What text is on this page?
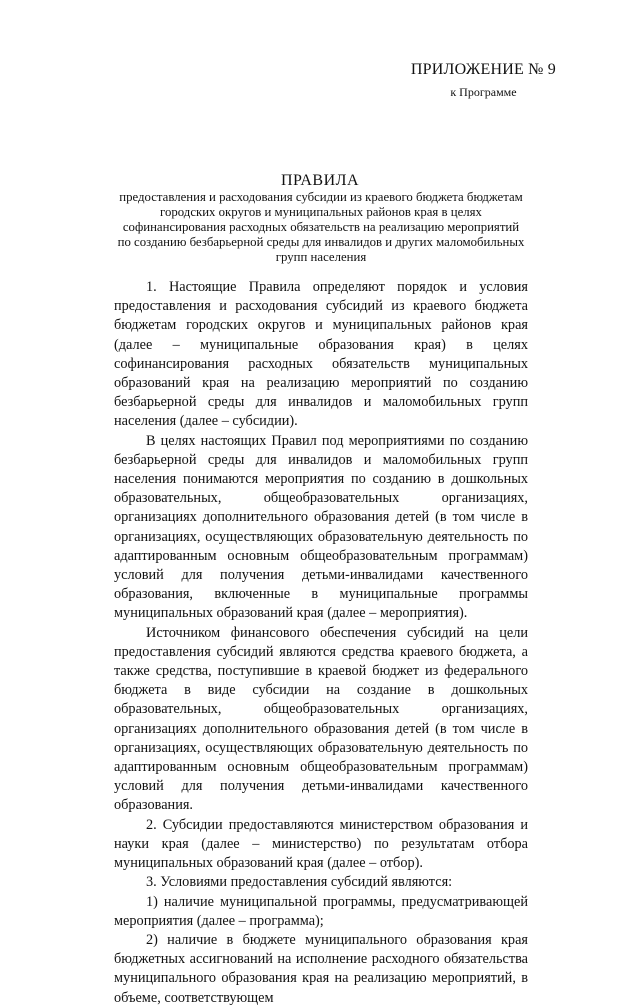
ПРИЛОЖЕНИЕ № 9
к Программе
ПРАВИЛА
предоставления и расходования субсидии из краевого бюджета бюджетам городских округов и муниципальных районов края в целях софинансирования расходных обязательств на реализацию мероприятий по созданию безбарьерной среды для инвалидов и других маломобильных групп населения

1. Настоящие Правила определяют порядок и условия предоставления и расходования субсидий из краевого бюджета бюджетам городских округов и муниципальных районов края (далее – муниципальные образования края) в целях софинансирования расходных обязательств муниципальных образований края на реализацию мероприятий по созданию безбарьерной среды для инвалидов и маломобильных групп населения (далее – субсидии).

В целях настоящих Правил под мероприятиями по созданию безбарьерной среды для инвалидов и маломобильных групп населения понимаются мероприятия по созданию в дошкольных образовательных, общеобразовательных организациях, организациях дополнительного образования детей (в том числе в организациях, осуществляющих образовательную деятельность по адаптированным основным общеобразовательным программам) условий для получения детьми-инвалидами качественного образования, включенные в муниципальные программы муниципальных образований края (далее – мероприятия).

Источником финансового обеспечения субсидий на цели предоставления субсидий являются средства краевого бюджета, а также средства, поступившие в краевой бюджет из федерального бюджета в виде субсидии на создание в дошкольных образовательных, общеобразовательных организациях, организациях дополнительного образования детей (в том числе в организациях, осуществляющих образовательную деятельность по адаптированным основным общеобразовательным программам) условий для получения детьми-инвалидами качественного образования.

2. Субсидии предоставляются министерством образования и науки края (далее – министерство) по результатам отбора муниципальных образований края (далее – отбор).

3. Условиями предоставления субсидий являются:

1) наличие муниципальной программы, предусматривающей мероприятия (далее – программа);

2) наличие в бюджете муниципального образования края бюджетных ассигнований на исполнение расходного обязательства муниципального образования края на реализацию мероприятий, в объеме, соответствующем
